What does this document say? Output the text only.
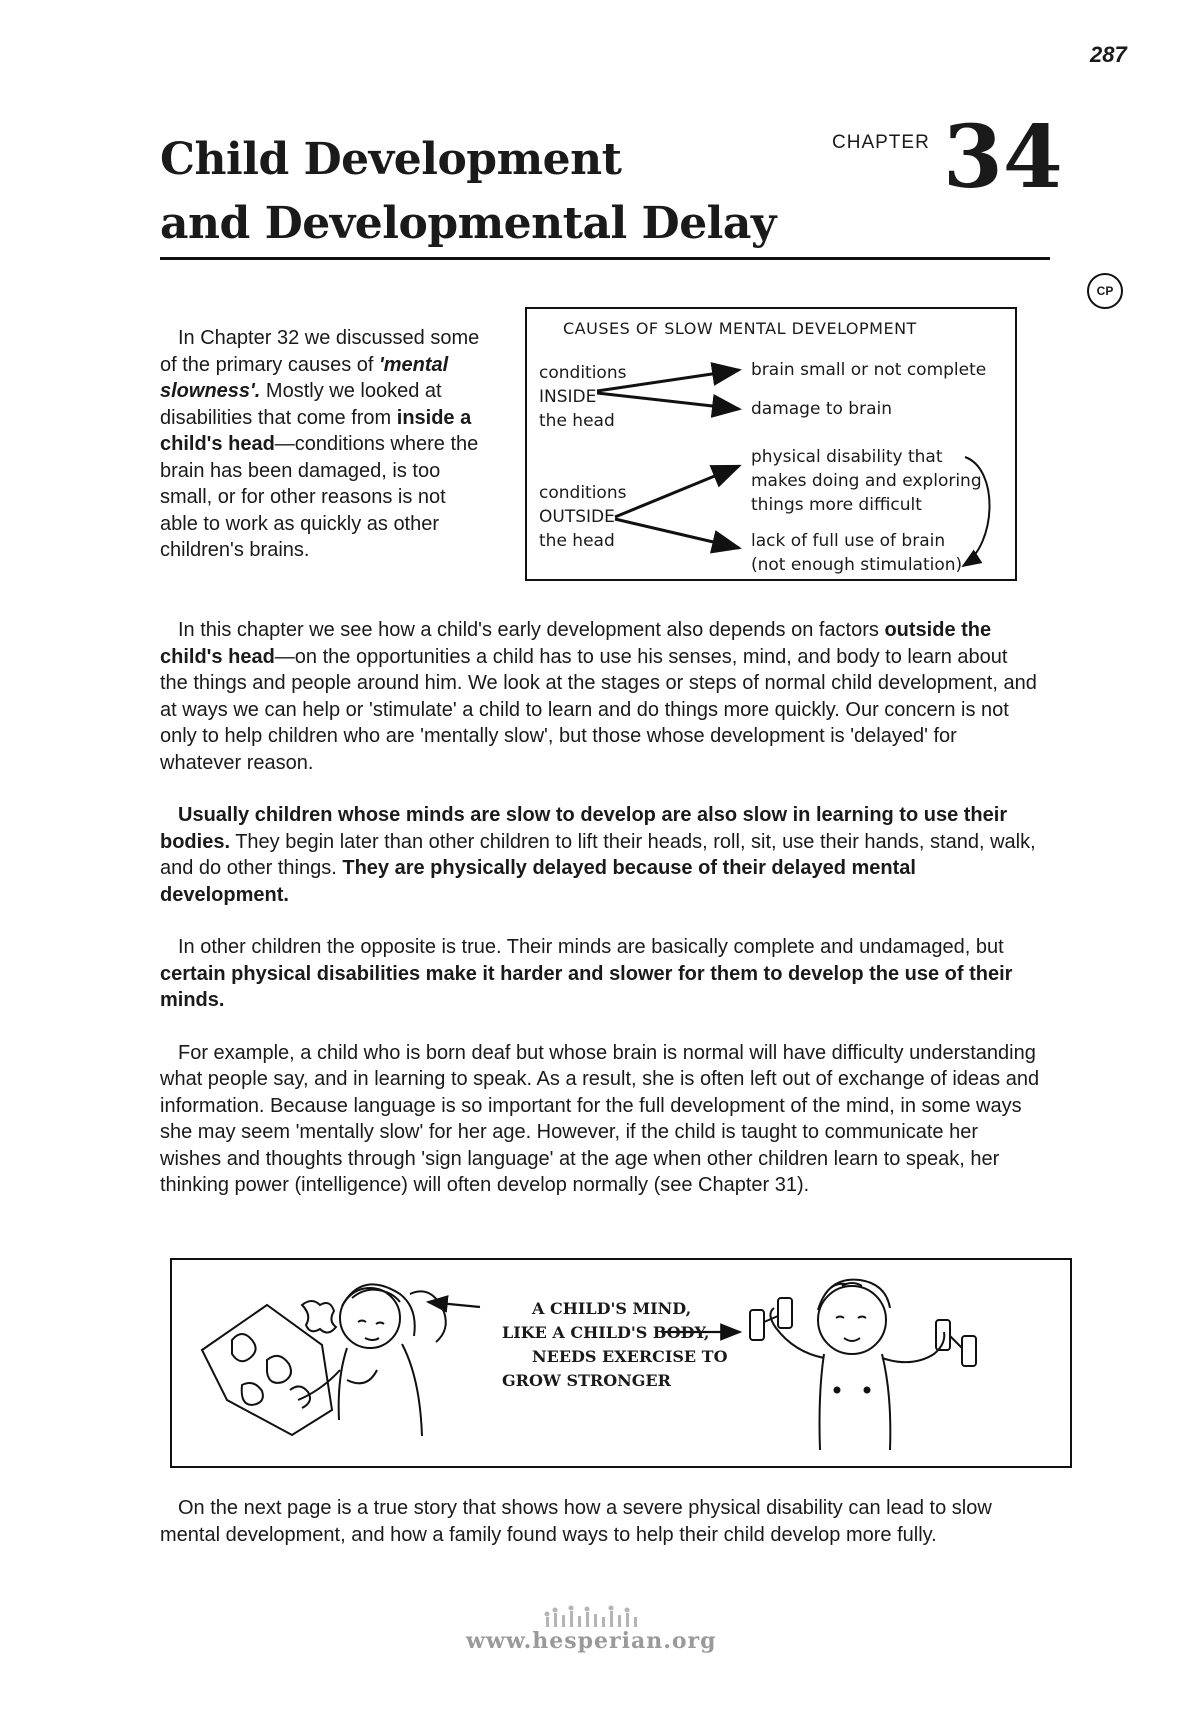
287
Child Development
and Developmental Delay
CHAPTER 34
CP

In Chapter 32 we discussed some of the primary causes of 'mental slowness'. Mostly we looked at disabilities that come from inside a child's head—conditions where the brain has been damaged, is too small, or for other reasons is not able to work as quickly as other children's brains.

CAUSES OF SLOW MENTAL DEVELOPMENT
conditions
INSIDE
the head
conditions
OUTSIDE
the head
brain small or not complete
damage to brain
physical disability that
makes doing and exploring
things more difficult
lack of full use of brain
(not enough stimulation)

In this chapter we see how a child's early development also depends on factors outside the child's head—on the opportunities a child has to use his senses, mind, and body to learn about the things and people around him. We look at the stages or steps of normal child development, and at ways we can help or 'stimulate' a child to learn and do things more quickly. Our concern is not only to help children who are 'mentally slow', but those whose development is 'delayed' for whatever reason.

Usually children whose minds are slow to develop are also slow in learning to use their bodies. They begin later than other children to lift their heads, roll, sit, use their hands, stand, walk, and do other things. They are physically delayed because of their delayed mental development.

In other children the opposite is true. Their minds are basically complete and undamaged, but certain physical disabilities make it harder and slower for them to develop the use of their minds.

For example, a child who is born deaf but whose brain is normal will have difficulty understanding what people say, and in learning to speak. As a result, she is often left out of exchange of ideas and information. Because language is so important for the full development of the mind, in some ways she may seem 'mentally slow' for her age. However, if the child is taught to communicate her wishes and thoughts through 'sign language' at the age when other children learn to speak, her thinking power (intelligence) will often develop normally (see Chapter 31).

A CHILD'S MIND,
LIKE A CHILD'S BODY,
NEEDS EXERCISE TO
GROW STRONGER

On the next page is a true story that shows how a severe physical disability can lead to slow mental development, and how a family found ways to help their child develop more fully.

www.hesperian.org
